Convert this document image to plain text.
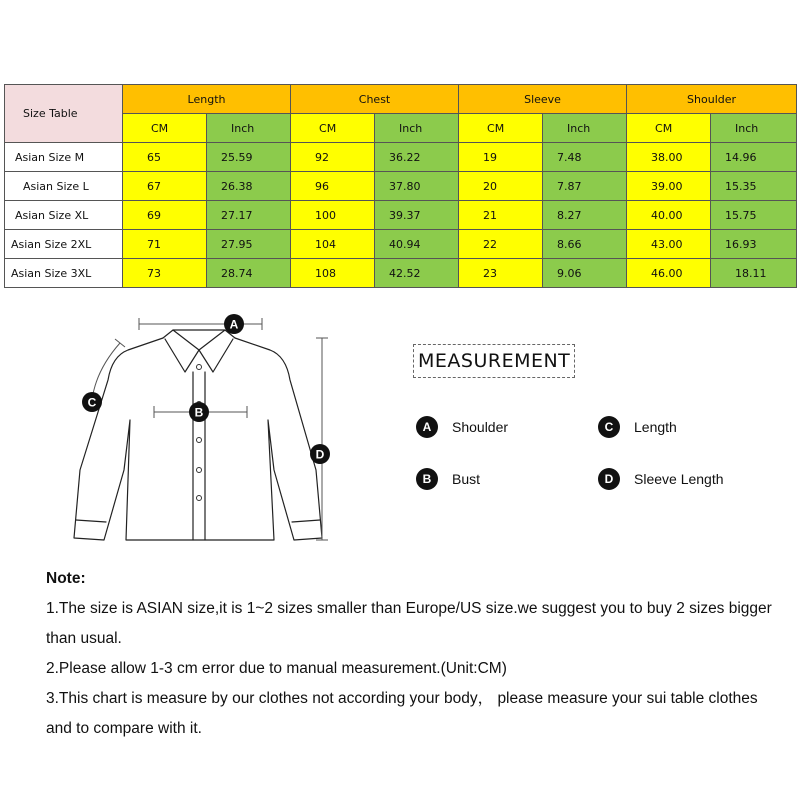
Size Table	Length		Chest		Sleeve		Shoulder	
	CM	Inch	CM	Inch	CM	Inch	CM	Inch
Asian Size M	65	25.59	92	36.22	19	7.48	38.00	14.96
Asian Size L	67	26.38	96	37.80	20	7.87	39.00	15.35
Asian Size XL	69	27.17	100	39.37	21	8.27	40.00	15.75
Asian Size 2XL	71	27.95	104	40.94	22	8.66	43.00	16.93
Asian Size 3XL	73	28.74	108	42.52	23	9.06	46.00	18.11
A
B
C
D
MEASUREMENT
A	Shoulder
B	Bust
C	Length
D	Sleeve Length
Note:

1.The size is ASIAN size,it is 1~2 sizes smaller than Europe/US size.we suggest you to buy 2 sizes bigger than usual.

2.Please allow 1-3 cm error due to manual measurement.(Unit:CM)

3.This chart is measure by our clothes not according your body， please measure your sui table clothes and to compare with it.
